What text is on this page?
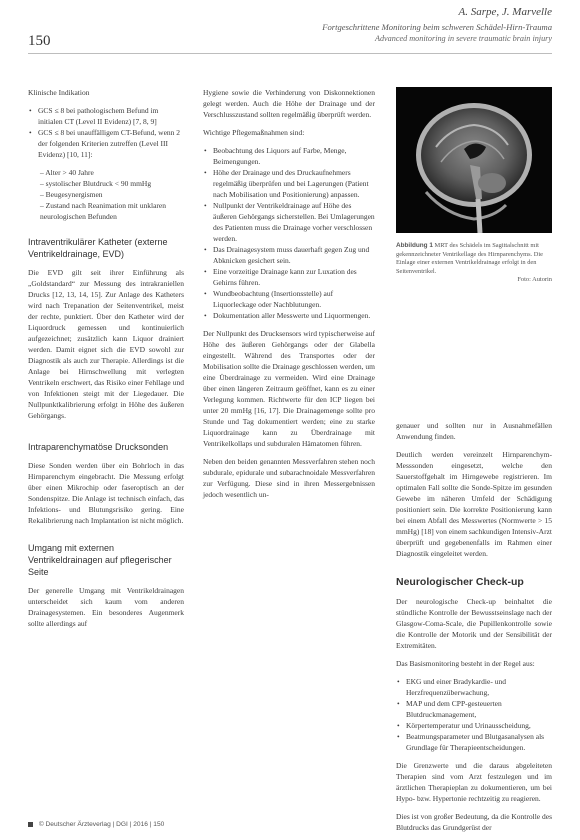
150
A. Sarpe, J. Marvelle
Fortgeschrittene Monitoring beim schweren Schädel-Hirn-Trauma
Advanced monitoring in severe traumatic brain injury

Klinische Indikation

• GCS ≤ 8 bei pathologischem Befund im initialen CT (Level II Evidenz) [7, 8, 9]
• GCS ≤ 8 bei unauffälligem CT-Befund, wenn 2 der folgenden Kriterien zutreffen (Level III Evidenz) [10, 11]:
– Alter > 40 Jahre
– systolischer Blutdruck < 90 mmHg
– Beugesynergismen
– Zustand nach Reanimation mit unklaren neurologischen Befunden
Intraventrikulärer Katheter (externe Ventrikeldrainage, EVD)

Die EVD gilt seit ihrer Einführung als „Goldstandard“ zur Messung des intrakraniellen Drucks [12, 13, 14, 15]. Zur Anlage des Katheters wird nach Trepanation der Seitenventrikel, meist der rechte, punktiert. Über den Katheter wird der Liquordruck gemessen und kontinuierlich aufgezeichnet; zusätzlich kann Liquor drainiert werden. Damit eignet sich die EVD sowohl zur Diagnostik als auch zur Therapie. Allerdings ist die Anlage bei Hirnschwellung mit verlegten Ventrikeln erschwert, das Risiko einer Fehllage und von Infektionen steigt mit der Liegedauer. Die Nullpunktkalibrierung erfolgt in Höhe des äußeren Gehörgangs.

Intraparenchymatöse Drucksonden

Diese Sonden werden über ein Bohrloch in das Hirnparenchym eingebracht. Die Messung erfolgt über einen Mikrochip oder faseroptisch an der Sondenspitze. Die Anlage ist technisch einfach, das Infektions- und Blutungsrisiko gering. Eine Rekalibrierung nach Implantation ist nicht möglich.

Umgang mit externen Ventrikeldrainagen auf pflegerischer Seite

Der generelle Umgang mit Ventrikeldrainagen unterscheidet sich kaum vom anderen Drainagesystemen. Ein besonderes Augenmerk sollte allerdings auf

Hygiene sowie die Verhinderung von Diskonnektionen gelegt werden. Auch die Höhe der Drainage und der Verschlusszustand sollten regelmäßig überprüft werden.

Wichtige Pflegemaßnahmen sind:

• Beobachtung des Liquors auf Farbe, Menge, Beimengungen.
• Höhe der Drainage und des Druckaufnehmers regelmäßig überprüfen und bei Lagerungen (Patient nach Mobilisation und Positionierung) anpassen.
• Nullpunkt der Ventrikeldrainage auf Höhe des äußeren Gehörgangs sicherstellen. Bei Umlagerungen des Patienten muss die Drainage vorher verschlossen werden.
• Das Drainagesystem muss dauerhaft gegen Zug und Abknicken gesichert sein.
• Eine vorzeitige Drainage kann zur Luxation des Gehirns führen.
• Wundbeobachtung (Insertionsstelle) auf Liquorleckage oder Nachblutungen.
• Dokumentation aller Messwerte und Liquormengen.

Der Nullpunkt des Drucksensors wird typischerweise auf Höhe des äußeren Gehörgangs oder der Glabella eingestellt. Während des Transportes oder der Mobilisation sollte die Drainage geschlossen werden, um eine Überdrainage zu vermeiden. Wird eine Drainage über einen längeren Zeitraum geöffnet, kann es zu einer Verlegung kommen. Richtwerte für den ICP liegen bei unter 20 mmHg [16, 17]. Die Drainagemenge sollte pro Stunde und Tag dokumentiert werden; eine zu starke Liquordrainage kann zu Überdrainage mit Ventrikelkollaps und subduralen Hämatomen führen.

Neben den beiden genannten Messverfahren stehen noch subdurale, epidurale und subarachnoidale Messverfahren zur Verfügung. Diese sind in ihren Messergebnissen jedoch wesentlich un-

Abbildung 1 MRT des Schädels im Sagittalschnitt mit gekennzeichneter Ventrikellage des Hirnparenchyms. Die Einlage einer externen Ventrikeldrainage erfolgt in den Seitenventrikel.
Foto: Autorin

genauer und sollten nur in Ausnahmefällen Anwendung finden.

Deutlich werden vereinzelt Hirnparenchym-Messsonden eingesetzt, welche den Sauerstoffgehalt im Hirngewebe registrieren. Im optimalen Fall sollte die Sonde-Spitze im gesunden Gewebe im näheren Umfeld der Schädigung positioniert sein. Die korrekte Positionierung kann bei einem Abfall des Messwertes (Normwerte > 15 mmHg) [18] von einem sachkundigen Intensiv-Arzt überprüft und gegebenenfalls im Rahmen einer Diagnostik eingeleitet werden.

Neurologischer Check-up

Der neurologische Check-up beinhaltet die stündliche Kontrolle der Bewusstseinslage nach der Glasgow-Coma-Scale, die Pupillenkontrolle sowie die Kontrolle der Motorik und der Sensibilität der Extremitäten.

Das Basismonitoring besteht in der Regel aus:

• EKG und einer Bradykardie- und Herzfrequenzüberwachung,
• MAP und dem CPP-gesteuerten Blutdruckmanagement,
• Körpertemperatur und Urinausscheidung,
• Beatmungsparameter und Blutgasanalysen als Grundlage für Therapieentscheidungen.

Die Grenzwerte und die daraus abgeleiteten Therapien sind vom Arzt festzulegen und im ärztlichen Therapieplan zu dokumentieren, um bei Hypo- bzw. Hypertonie rechtzeitig zu reagieren.

Dies ist von großer Bedeutung, da die Kontrolle des Blutdrucks das Grundgerüst der

© Deutscher Ärzteverlag | DGI | 2016 | 150
